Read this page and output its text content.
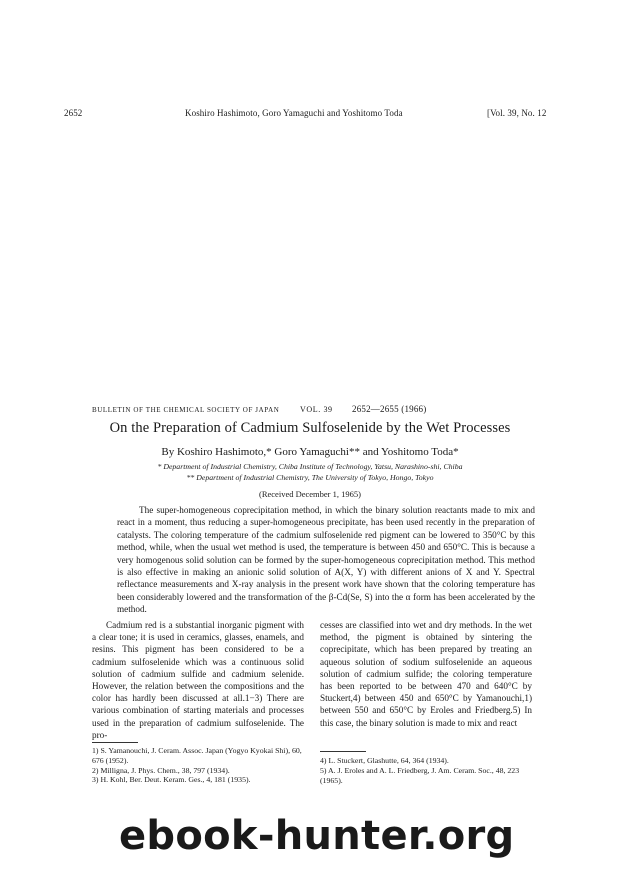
2652	Koshiro Hashimoto, Goro Yamaguchi and Yoshitomo Toda	[Vol. 39, No. 12
BULLETIN OF THE CHEMICAL SOCIETY OF JAPAN	VOL. 39 2652—2655 (1966)
On the Preparation of Cadmium Sulfoselenide by the Wet Processes
By Koshiro Hashimoto,* Goro Yamaguchi** and Yoshitomo Toda*
* Department of Industrial Chemistry, Chiba Institute of Technology, Yatsu, Narashino-shi, Chiba
** Department of Industrial Chemistry, The University of Tokyo, Hongo, Tokyo
(Received December 1, 1965)
The super-homogeneous coprecipitation method, in which the binary solution reactants made to mix and react in a moment, thus reducing a super-homogeneous precipitate, has been used recently in the preparation of catalysts. The coloring temperature of the cadmium sulfoselenide red pigment can be lowered to 350°C by this method, while, when the usual wet method is used, the temperature is between 450 and 650°C. This is because a very homogenous solid solution can be formed by the super-homogeneous coprecipitation method. This method is also effective in making an anionic solid solution of A(X, Y) with different anions of X and Y. Spectral reflectance measurements and X-ray analysis in the present work have shown that the coloring temperature has been considerably lowered and the transformation of the β-Cd(Se, S) into the α form has been accelerated by the method.

Cadmium red is a substantial inorganic pigment with a clear tone; it is used in ceramics, glasses, enamels, and resins. This pigment has been considered to be a cadmium sulfoselenide which was a continuous solid solution of cadmium sulfide and cadmium selenide. However, the relation between the compositions and the color has hardly been discussed at all.1−3) There are various combination of starting materials and processes used in the preparation of cadmium sulfoselenide. The pro-

cesses are classified into wet and dry methods. In the wet method, the pigment is obtained by sintering the coprecipitate, which has been prepared by treating an aqueous solution of sodium sulfoselenide an aqueous solution of cadmium sulfide; the coloring temperature has been reported to be between 470 and 640°C by Stuckert,4) between 450 and 650°C by Yamanouchi,1) between 550 and 650°C by Eroles and Friedberg.5) In this case, the binary solution is made to mix and react

1) S. Yamanouchi, J. Ceram. Assoc. Japan (Yogyo Kyokai Shi), 60, 676 (1952).
2) Milligna, J. Phys. Chem., 38, 797 (1934).
3) H. Kohl, Ber. Deut. Keram. Ges., 4, 181 (1935).
4) L. Stuckert, Glashutte, 64, 364 (1934).
5) A. J. Eroles and A. L. Friedberg, J. Am. Ceram. Soc., 48, 223 (1965).
ebook-hunter.org
